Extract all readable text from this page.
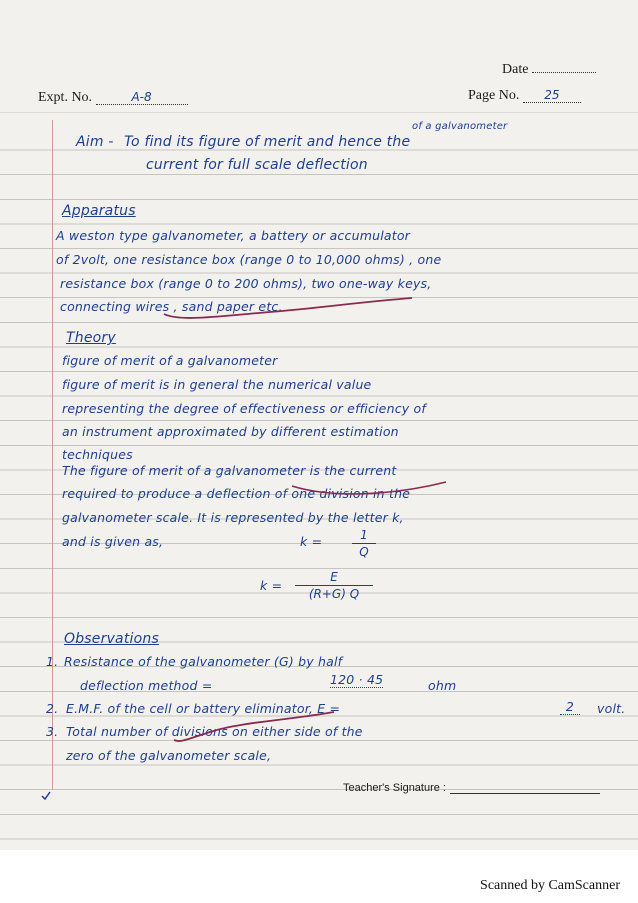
Date
Expt. No.	A-8	Page No. 25
of a galvanometer
Aim - To find its figure of merit and hence the
current for full scale deflection
Apparatus
A weston type galvanometer, a battery or accumulator
of 2volt, one resistance box (range 0 to 10,000 ohms) , one
resistance box (range 0 to 200 ohms), two one-way keys,
connecting wires , sand paper etc.
Theory
figure of merit of a galvanometer
figure of merit is in general the numerical value
representing the degree of effectiveness or efficiency of
an instrument approximated by different estimation
techniques
The figure of merit of a galvanometer is the current
required to produce a deflection of one division in the
galvanometer scale. It is represented by the letter k,
and is given as,	k =	1
Q
k =
E
(R+G) Q
Observations
1. Resistance of the galvanometer (G) by half
deflection method =	120 · 45	ohm
2. E.M.F. of the cell or battery eliminator, E =	2	volt.
3. Total number of divisions on either side of the
zero of the galvanometer scale,
Teacher's Signature :
Scanned by CamScanner
